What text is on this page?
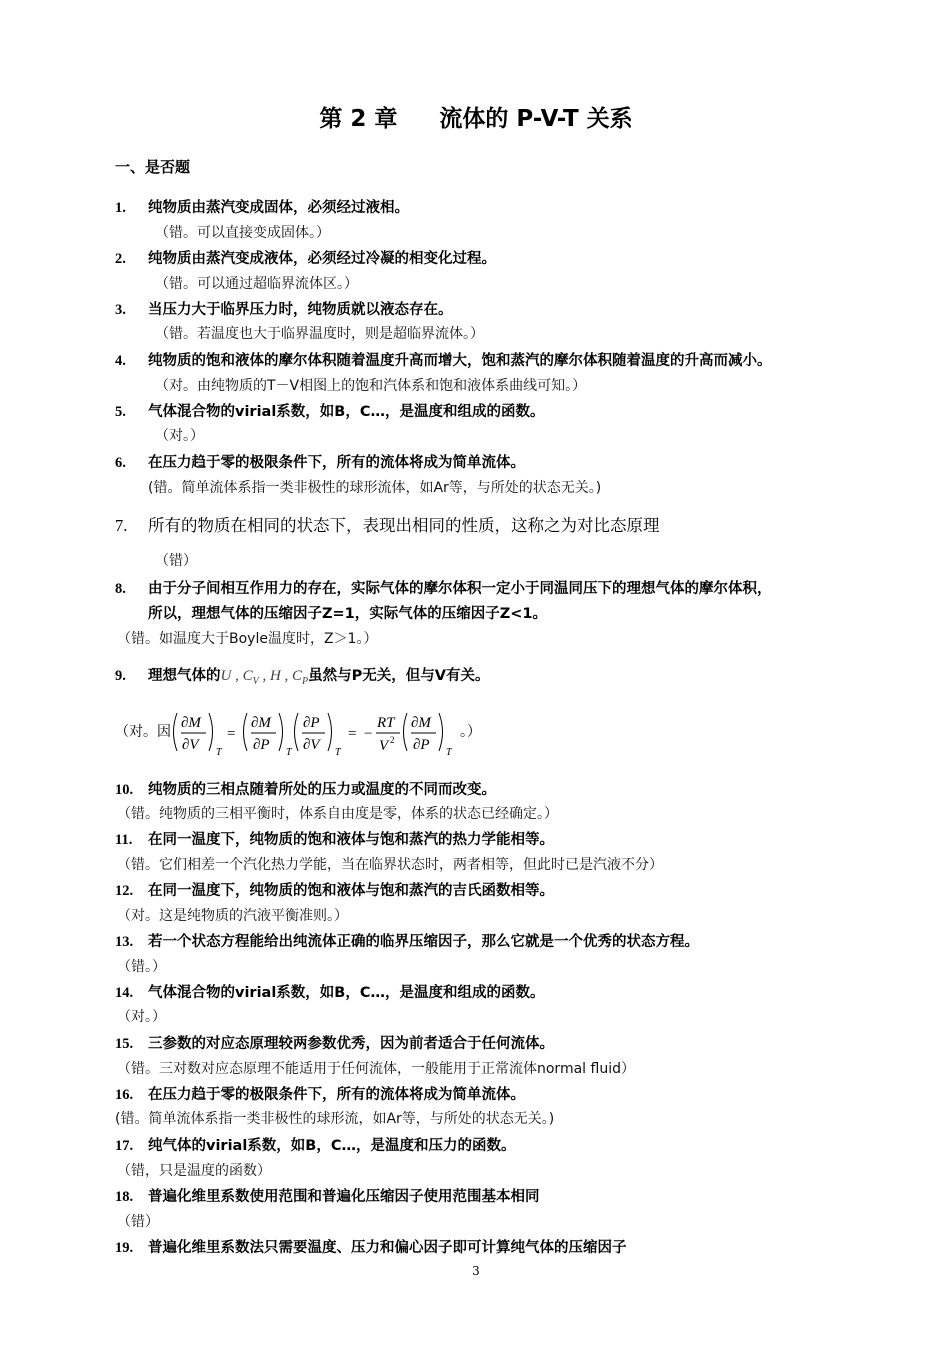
第 2 章 流体的 P-V-T 关系
一、是否题
1. 纯物质由蒸汽变成固体，必须经过液相。
（错。可以直接变成固体。）
2. 纯物质由蒸汽变成液体，必须经过冷凝的相变化过程。
（错。可以通过超临界流体区。）
3. 当压力大于临界压力时，纯物质就以液态存在。
（错。若温度也大于临界温度时，则是超临界流体。）
4. 纯物质的饱和液体的摩尔体积随着温度升高而增大，饱和蒸汽的摩尔体积随着温度的升高而减小。
（对。由纯物质的T－V相图上的饱和汽体系和饱和液体系曲线可知。）
5. 气体混合物的virial系数，如B，C…，是温度和组成的函数。
（对。）
6. 在压力趋于零的极限条件下，所有的流体将成为简单流体。
(错。简单流体系指一类非极性的球形流体，如Ar等，与所处的状态无关。)
7. 所有的物质在相同的状态下，表现出相同的性质，这称之为对比态原理
（错）
8. 由于分子间相互作用力的存在，实际气体的摩尔体积一定小于同温同压下的理想气体的摩尔体积，
所以，理想气体的压缩因子Z=1，实际气体的压缩因子Z<1。
（错。如温度大于Boyle温度时，Z＞1。）
9. 理想气体的U , $C_V$ , H , $C_P$虽然与P无关，但与V有关。
（对。因
∂M
∂V T
=
∂M
∂P T
∂P
∂V T
= −
RT
V 2
∂M
∂P T
。）
10. 纯物质的三相点随着所处的压力或温度的不同而改变。
（错。纯物质的三相平衡时，体系自由度是零，体系的状态已经确定。）
11. 在同一温度下，纯物质的饱和液体与饱和蒸汽的热力学能相等。
（错。它们相差一个汽化热力学能，当在临界状态时，两者相等，但此时已是汽液不分）
12. 在同一温度下，纯物质的饱和液体与饱和蒸汽的吉氏函数相等。
（对。这是纯物质的汽液平衡准则。）
13. 若一个状态方程能给出纯流体正确的临界压缩因子，那么它就是一个优秀的状态方程。
（错。）
14. 气体混合物的virial系数，如B，C…，是温度和组成的函数。
（对。）
15. 三参数的对应态原理较两参数优秀，因为前者适合于任何流体。
（错。三对数对应态原理不能适用于任何流体，一般能用于正常流体normal fluid）
16. 在压力趋于零的极限条件下，所有的流体将成为简单流体。
(错。简单流体系指一类非极性的球形流，如Ar等，与所处的状态无关。)
17. 纯气体的virial系数，如B，C…，是温度和压力的函数。
（错，只是温度的函数）
18. 普遍化维里系数使用范围和普遍化压缩因子使用范围基本相同
（错）
19. 普遍化维里系数法只需要温度、压力和偏心因子即可计算纯气体的压缩因子
3
